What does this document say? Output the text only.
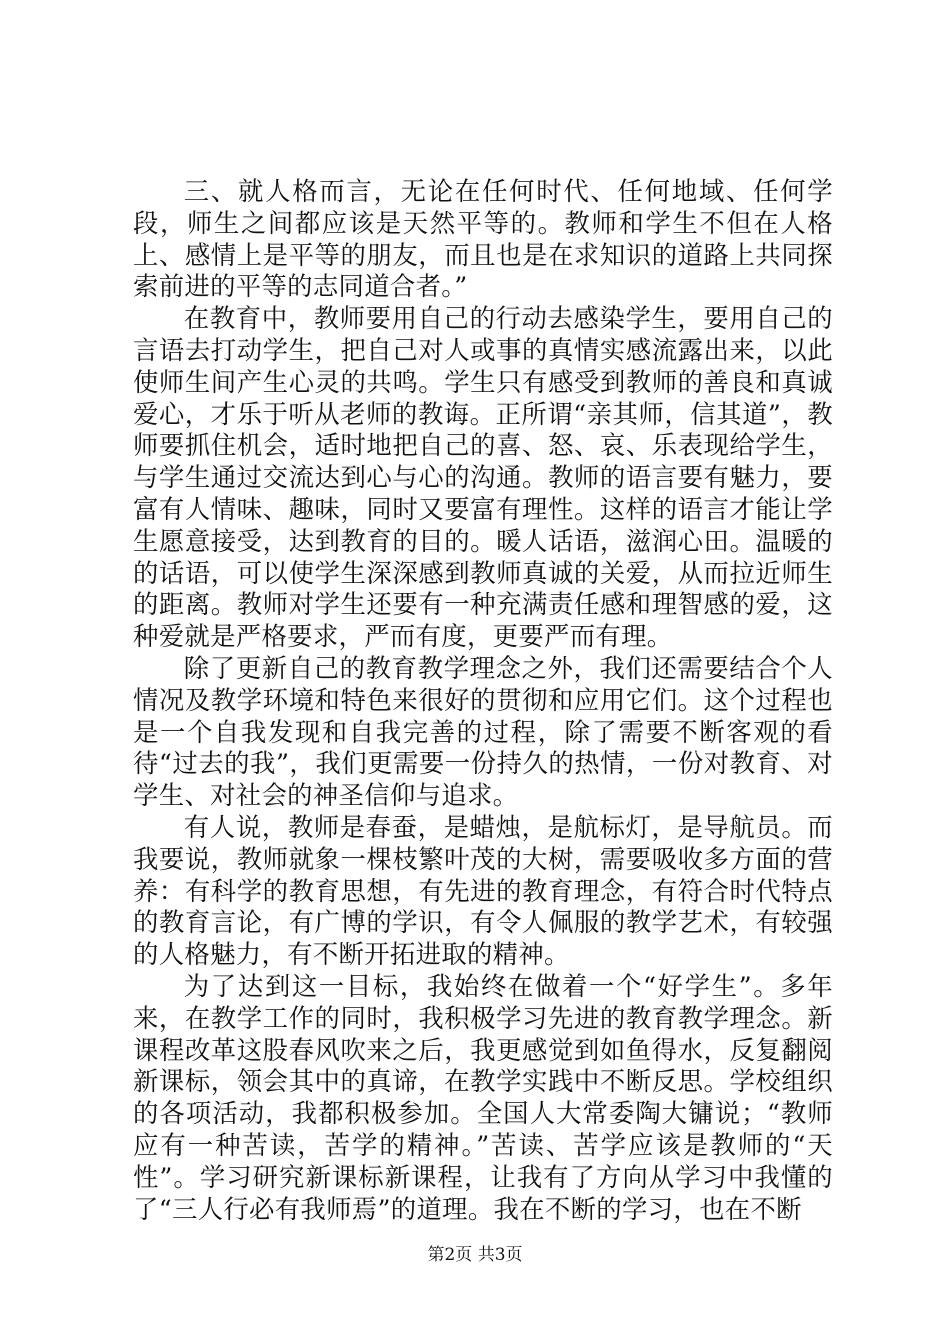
三、就人格而言，无论在任何时代、任何地域、任何学段，师生之间都应该是天然平等的。教师和学生不但在人格上、感情上是平等的朋友，而且也是在求知识的道路上共同探索前进的平等的志同道合者。”

在教育中，教师要用自己的行动去感染学生，要用自己的言语去打动学生，把自己对人或事的真情实感流露出来，以此使师生间产生心灵的共鸣。学生只有感受到教师的善良和真诚爱心，才乐于听从老师的教诲。正所谓“亲其师，信其道”，教师要抓住机会，适时地把自己的喜、怒、哀、乐表现给学生，与学生通过交流达到心与心的沟通。教师的语言要有魅力，要富有人情味、趣味，同时又要富有理性。这样的语言才能让学生愿意接受，达到教育的目的。暖人话语，滋润心田。温暖的的话语，可以使学生深深感到教师真诚的关爱，从而拉近师生的距离。教师对学生还要有一种充满责任感和理智感的爱，这种爱就是严格要求，严而有度，更要严而有理。

除了更新自己的教育教学理念之外，我们还需要结合个人情况及教学环境和特色来很好的贯彻和应用它们。这个过程也是一个自我发现和自我完善的过程，除了需要不断客观的看待“过去的我”，我们更需要一份持久的热情，一份对教育、对学生、对社会的神圣信仰与追求。

有人说，教师是春蚕，是蜡烛，是航标灯，是导航员。而我要说，教师就象一棵枝繁叶茂的大树，需要吸收多方面的营养：有科学的教育思想，有先进的教育理念，有符合时代特点的教育言论，有广博的学识，有令人佩服的教学艺术，有较强的人格魅力，有不断开拓进取的精神。

为了达到这一目标，我始终在做着一个“好学生”。多年来，在教学工作的同时，我积极学习先进的教育教学理念。新课程改革这股春风吹来之后，我更感觉到如鱼得水，反复翻阅新课标，领会其中的真谛，在教学实践中不断反思。学校组织的各项活动，我都积极参加。全国人大常委陶大镛说；“教师应有一种苦读，苦学的精神。”苦读、苦学应该是教师的“天性”。学习研究新课标新课程，让我有了方向从学习中我懂的了“三人行必有我师焉”的道理。我在不断的学习，也在不断

第2页 共3页
